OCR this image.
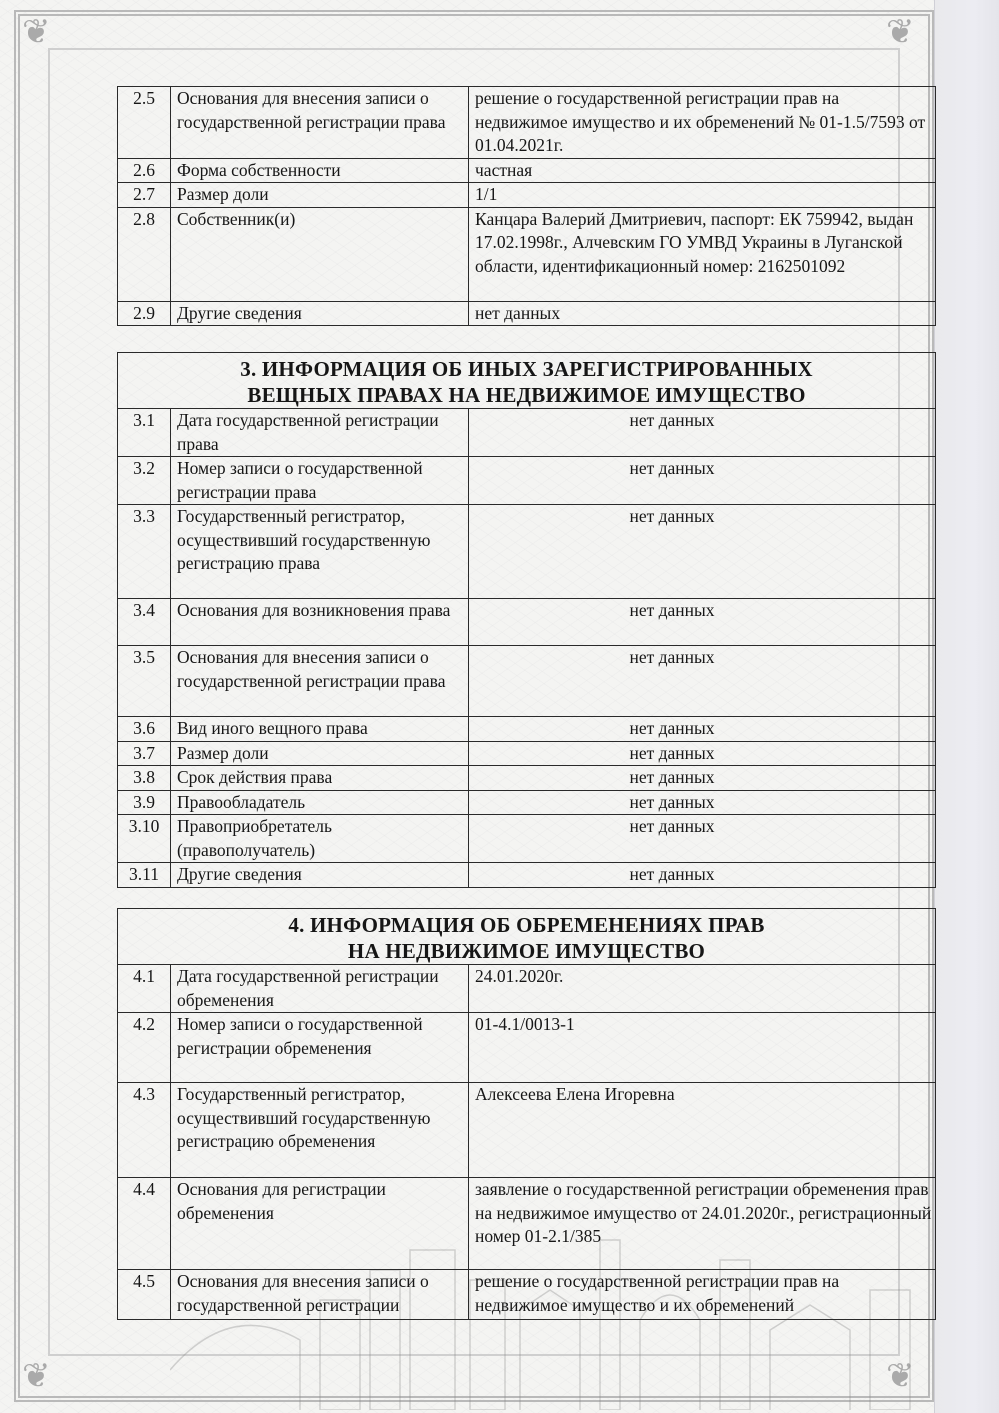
❦	❦
❦	❦
2.5	Основания для внесения записи о государственной регистрации права	решение о государственной регистрации прав на недвижимое имущество и их обременений № 01-1.5/7593 от 01.04.2021г.
2.6	Форма собственности	частная
2.7	Размер доли	1/1
2.8	Собственник(и)	Канцара Валерий Дмитриевич, паспорт: ЕК 759942, выдан 17.02.1998г., Алчевским ГО УМВД Украины в Луганской области, идентификационный номер: 2162501092
2.9	Другие сведения	нет данных
3. ИНФОРМАЦИЯ ОБ ИНЫХ ЗАРЕГИСТРИРОВАННЫХ
ВЕЩНЫХ ПРАВАХ НА НЕДВИЖИМОЕ ИМУЩЕСТВО		

3.1	Дата государственной регистрации права	нет данных
3.2	Номер записи о государственной регистрации права	нет данных
3.3	Государственный регистратор, осуществивший государственную регистрацию права	нет данных
3.4	Основания для возникновения права	нет данных
3.5	Основания для внесения записи о государственной регистрации права	нет данных
3.6	Вид иного вещного права	нет данных
3.7	Размер доли	нет данных
3.8	Срок действия права	нет данных
3.9	Правообладатель	нет данных
3.10	Правоприобретатель (правополучатель)	нет данных
3.11	Другие сведения	нет данных
4. ИНФОРМАЦИЯ ОБ ОБРЕМЕНЕНИЯХ ПРАВ
НА НЕДВИЖИМОЕ ИМУЩЕСТВО		

4.1	Дата государственной регистрации обременения	24.01.2020г.
4.2	Номер записи о государственной регистрации обременения	01-4.1/0013-1
4.3	Государственный регистратор, осуществивший государственную регистрацию обременения	Алексеева Елена Игоревна
4.4	Основания для регистрации обременения	заявление о государственной регистрации обременения прав на недвижимое имущество от 24.01.2020г., регистрационный номер 01-2.1/385
4.5	Основания для внесения записи о государственной регистрации	решение о государственной регистрации прав на недвижимое имущество и их обременений
